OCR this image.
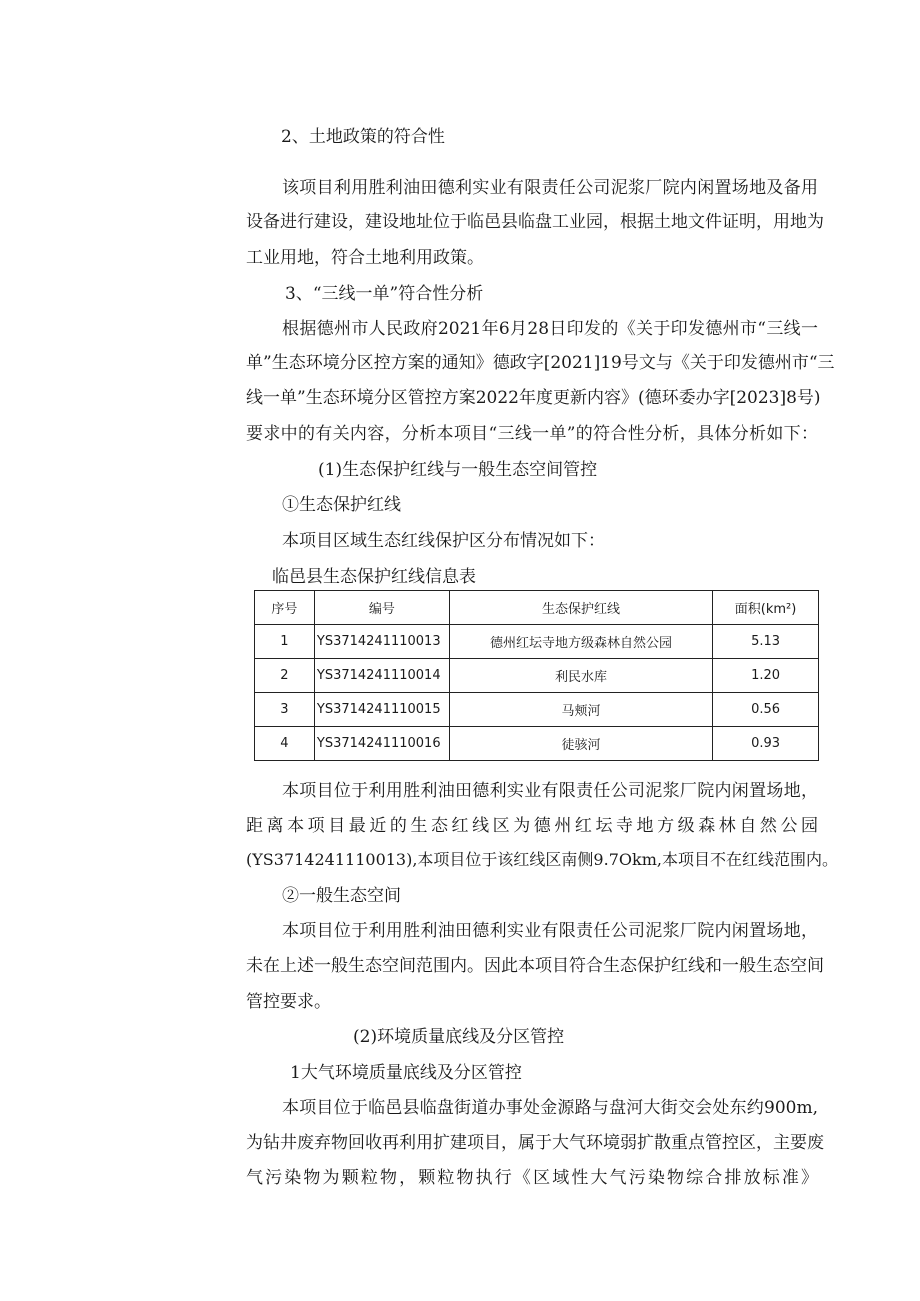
2、土地政策的符合性

该项目利用胜利油田德利实业有限责任公司泥浆厂院内闲置场地及备用

设备进行建设，建设地址位于临邑县临盘工业园，根据土地文件证明，用地为

工业用地，符合土地利用政策。

3、“三线一单”符合性分析

根据德州市人民政府2021年6月28日印发的《关于印发德州市“三线一

单”生态环境分区控方案的通知》德政字[2021]19号文与《关于印发德州市“三

线一单”生态环境分区管控方案2022年度更新内容》(德环委办字[2023]8号)

要求中的有关内容，分析本项目“三线一单”的符合性分析，具体分析如下：

(1)生态保护红线与一般生态空间管控

①生态保护红线

本项目区域生态红线保护区分布情况如下：

临邑县生态保护红线信息表

序号	编号	生态保护红线	面积(km²)
1	YS3714241110013	德州红坛寺地方级森林自然公园	5.13
2	YS3714241110014	利民水库	1.20
3	YS3714241110015	马颊河	0.56
4	YS3714241110016	徒骇河	0.93

本项目位于利用胜利油田德利实业有限责任公司泥浆厂院内闲置场地，

距离本项目最近的生态红线区为德州红坛寺地方级森林自然公园

(YS3714241110013),本项目位于该红线区南侧9.7Okm,本项目不在红线范围内。

②一般生态空间

本项目位于利用胜利油田德利实业有限责任公司泥浆厂院内闲置场地，

未在上述一般生态空间范围内。因此本项目符合生态保护红线和一般生态空间

管控要求。

(2)环境质量底线及分区管控

1大气环境质量底线及分区管控

本项目位于临邑县临盘街道办事处金源路与盘河大街交会处东约900m,

为钻井废弃物回收再利用扩建项目，属于大气环境弱扩散重点管控区，主要废

气污染物为颗粒物，颗粒物执行《区域性大气污染物综合排放标准》
